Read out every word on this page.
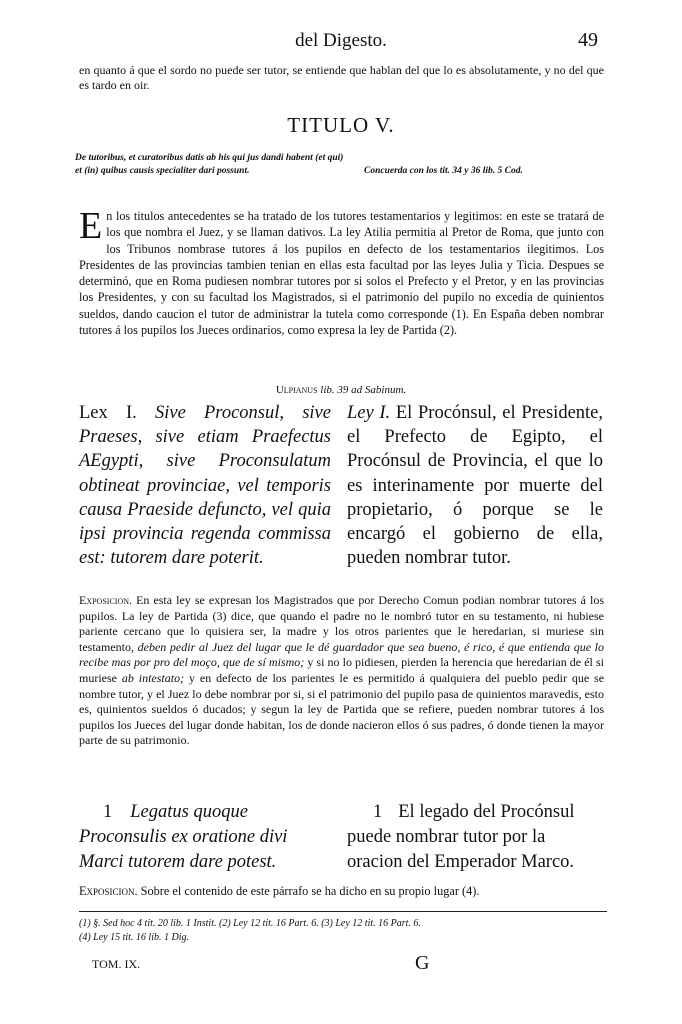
del Digesto.	49
en quanto á que el sordo no puede ser tutor, se entiende que hablan del que lo es absolutamente, y no del que es tardo en oir.
TITULO V.
De tutoribus, et curatoribus datis ab his qui jus dandi habent (et qui) et (in) quibus causis specialiter dari possunt.	Concuerda con los tit. 34 y 36 lib. 5 Cod.
En los titulos antecedentes se ha tratado de los tutores testamentarios y legitimos: en este se tratará de los que nombra el Juez, y se llaman dativos. La ley Atilia permitia al Pretor de Roma, que junto con los Tribunos nombrase tutores á los pupilos en defecto de los testamentarios ilegitimos. Los Presidentes de las provincias tambien tenian en ellas esta facultad por las leyes Julia y Ticia. Despues se determinó, que en Roma pudiesen nombrar tutores por si solos el Prefecto y el Pretor, y en las provincias los Presidentes, y con su facultad los Magistrados, si el patrimonio del pupilo no excedia de quinientos sueldos, dando caucion el tutor de administrar la tutela como corresponde (1). En España deben nombrar tutores á los pupilos los Jueces ordinarios, como expresa la ley de Partida (2).
Ulpianus lib. 39 ad Sabinum.
Lex I. Sive Proconsul, sive Praeses, sive etiam Praefectus AEgypti, sive Proconsulatum obtineat provinciae, vel temporis causa Praeside defuncto, vel quia ipsi provincia regenda commissa est: tutorem dare poterit.
Ley I. El Procónsul, el Presidente, el Prefecto de Egipto, el Procónsul de Provincia, el que lo es interinamente por muerte del propietario, ó porque se le encargó el gobierno de ella, pueden nombrar tutor.
Exposicion. En esta ley se expresan los Magistrados que por Derecho Comun podian nombrar tutores á los pupilos. La ley de Partida (3) dice, que quando el padre no le nombró tutor en su testamento, ni hubiese pariente cercano que lo quisiera ser, la madre y los otros parientes que le heredarian, si muriese sin testamento, deben pedir al Juez del lugar que le dé guardador que sea bueno, é rico, é que entienda que lo recibe mas por pro del moço, que de sí mismo; y si no lo pidiesen, pierden la herencia que heredarian de él si muriese ab intestato; y en defecto de los parientes le es permitido á qualquiera del pueblo pedir que se nombre tutor, y el Juez lo debe nombrar por si, si el patrimonio del pupilo pasa de quinientos maravedis, esto es, quinientos sueldos ó ducados; y segun la ley de Partida que se refiere, pueden nombrar tutores á los pupilos los Jueces del lugar donde habitan, los de donde nacieron ellos ó sus padres, ó donde tienen la mayor parte de su patrimonio.
1 Legatus quoque Proconsulis ex oratione divi Marci tutorem dare potest.
1 El legado del Procónsul puede nombrar tutor por la oracion del Emperador Marco.
Exposicion. Sobre el contenido de este párrafo se ha dicho en su propio lugar (4).
(1) §. Sed hoc 4 tit. 20 lib. 1 Instit. (2) Ley 12 tit. 16 Part. 6. (3) Ley 12 tit. 16 Part. 6.
(4) Ley 15 tit. 16 lib. 1 Dig.
TOM. IX.	G
